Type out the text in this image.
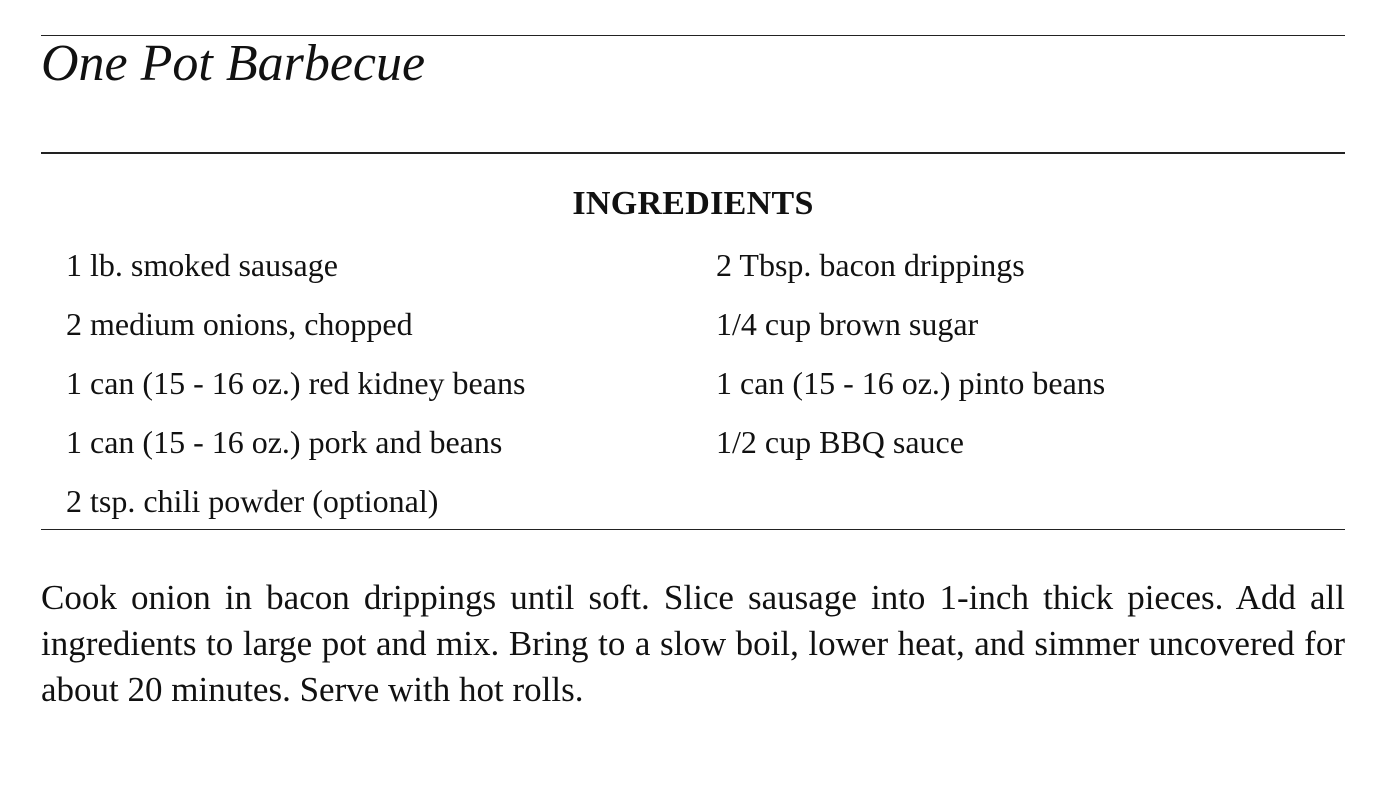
One Pot Barbecue
INGREDIENTS
1 lb. smoked sausage
2 medium onions, chopped
1 can (15 - 16 oz.) red kidney beans
1 can (15 - 16 oz.) pork and beans
2 tsp. chili powder (optional)
2 Tbsp. bacon drippings
1/4 cup brown sugar
1 can (15 - 16 oz.) pinto beans
1/2 cup BBQ sauce

Cook onion in bacon drippings until soft. Slice sausage into 1-inch thick pieces. Add all ingredients to large pot and mix. Bring to a slow boil, lower heat, and simmer uncovered for about 20 minutes. Serve with hot rolls.
